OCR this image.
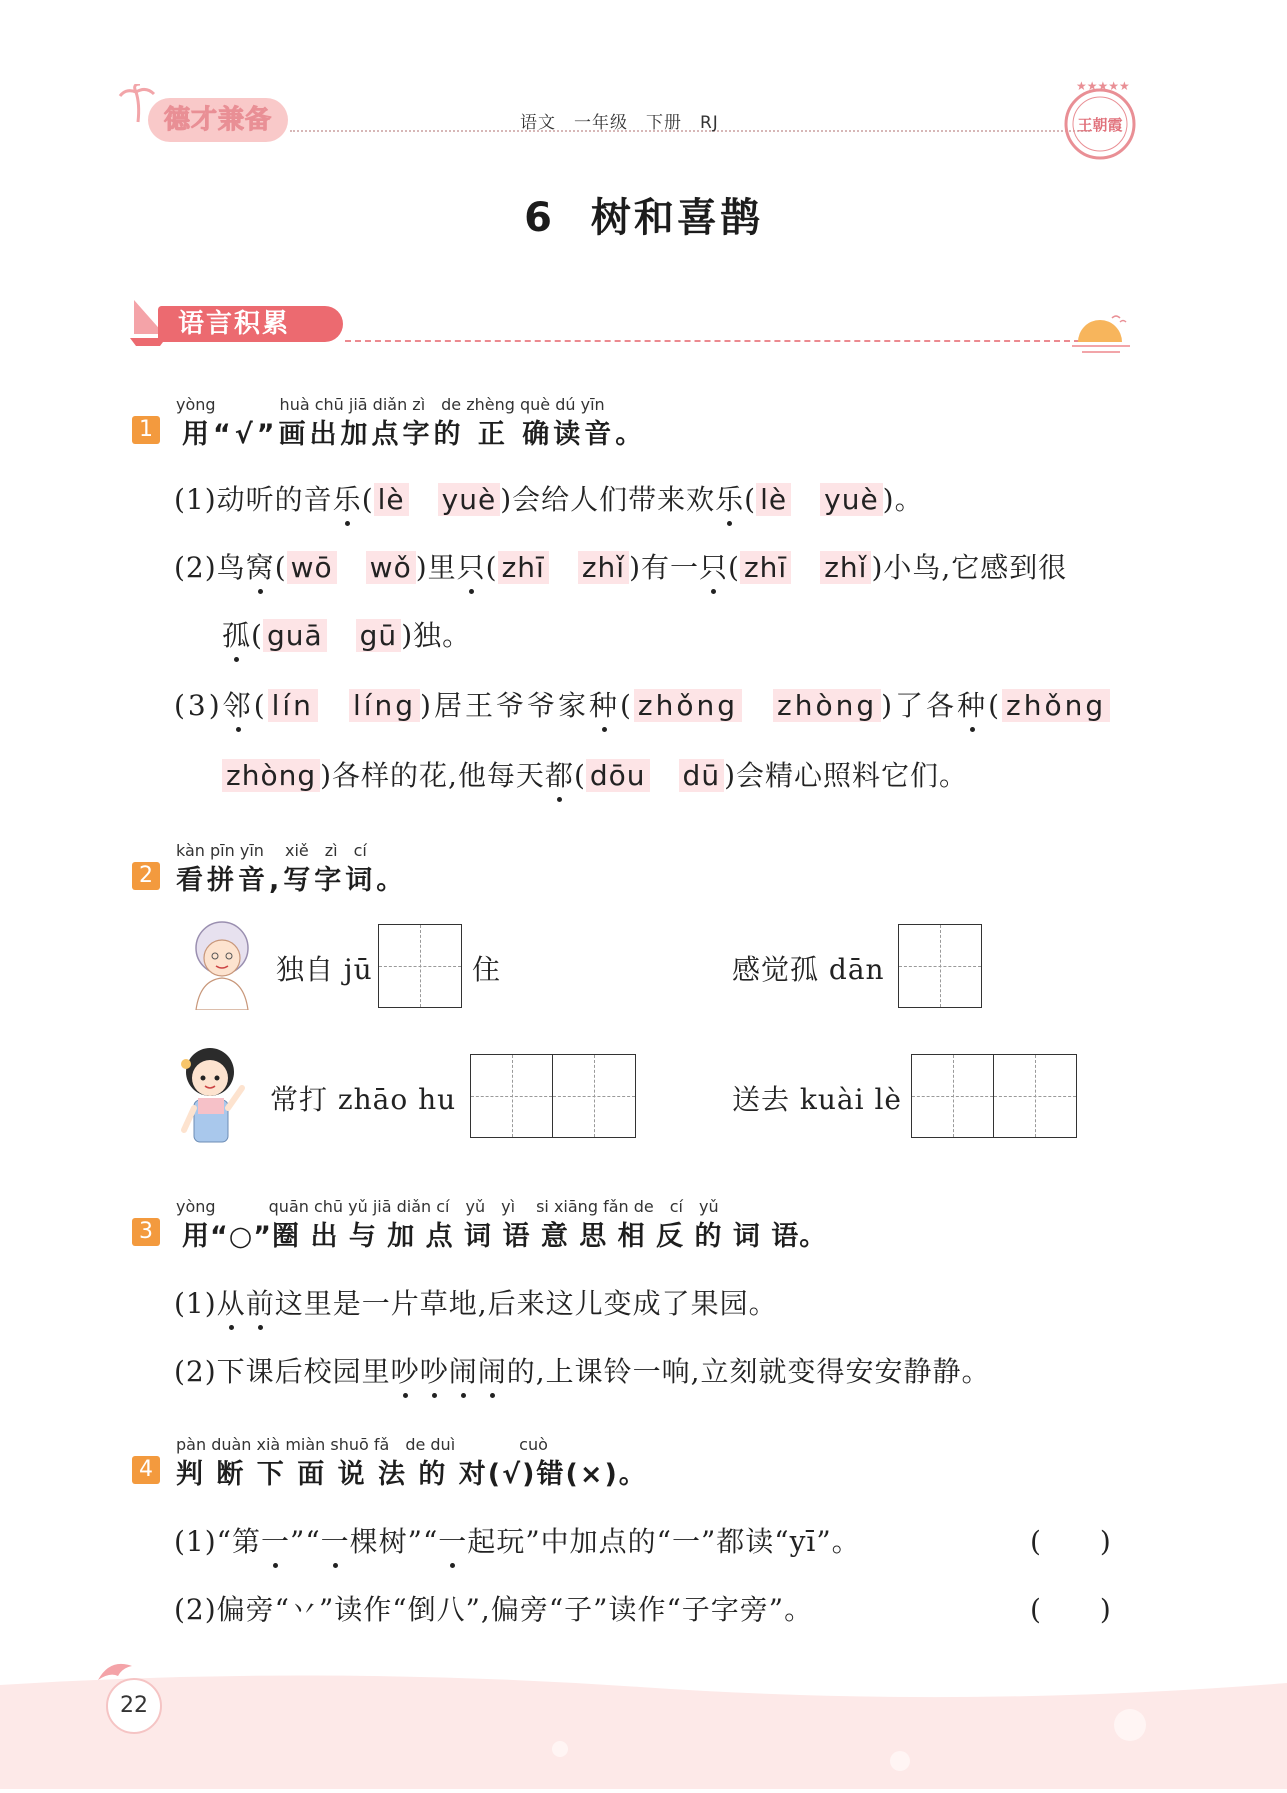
德才兼备	语文　一年级　下册　RJ
★★★★★
王朝霞
6 树和喜鹊
语言积累
yòng　　　　huà chū jiā diǎn zì　de zhèng què dú yīn
1 用“√”画出加点字的 正 确读音。
(1)动听的音乐( lè　 yuè )会给人们带来欢乐( lè　 yuè )。
(2)鸟窝( wō　 wǒ )里只( zhī　 zhǐ )有一只( zhī　 zhǐ )小鸟,它感到很
孤( guā　 gū )独。
(3)邻( lín　 líng )居王爷爷家种( zhǒng　 zhòng )了各种( zhǒng
zhòng )各样的花,他每天都( dōu　 dū )会精心照料它们。
kàn pīn yīn　 xiě　zì　cí
2 看拼音,写字词。
独自 jū	住	感觉孤 dān
常打 zhāo hu	送去 kuài lè
yòng　　　 quān chū yǔ jiā diǎn cí　yǔ　yì　 si xiāng fǎn de　cí　yǔ
3 用“○”圈 出 与 加 点 词 语 意 思 相 反 的 词 语。
(1)从前这里是一片草地,后来这儿变成了果园。
(2)下课后校园里吵吵闹闹的,上课铃一响,立刻就变得安安静静。
pàn duàn xià miàn shuō fǎ　de duì　　　　cuò
4 判 断 下 面 说 法 的 对(√)错(×)。
(1)“第一”“一棵树”“一起玩”中加点的“一”都读“yī”。	(　　)
(2)偏旁“丷”读作“倒八”,偏旁“子”读作“子字旁”。	(　　)
22
